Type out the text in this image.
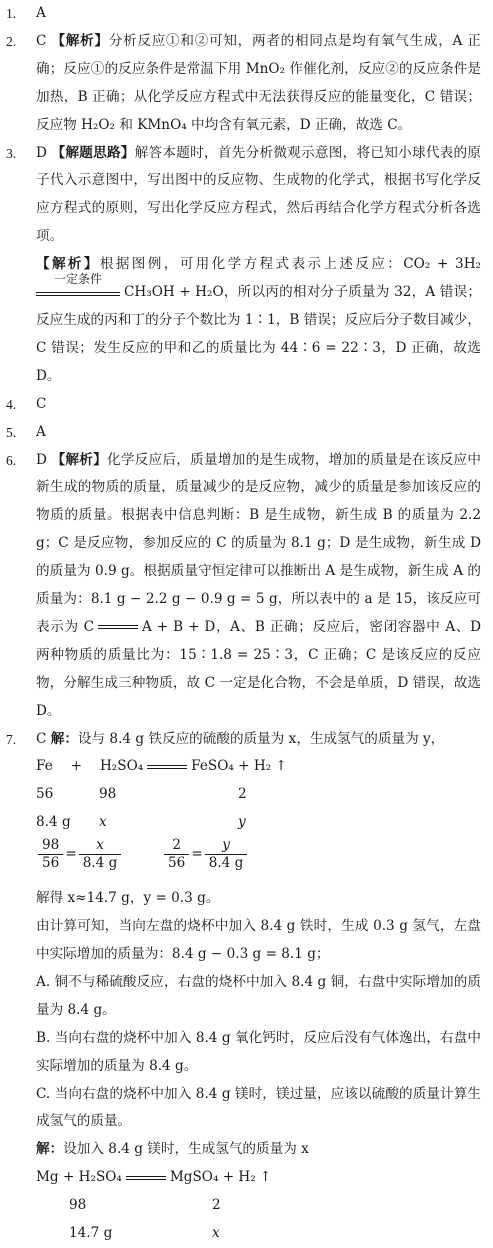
1.	A
2.	C 【解析】分析反应①和②可知，两者的相同点是均有氧气生成，A 正确；反应①的反应条件是常温下用 MnO₂ 作催化剂，反应②的反应条件是加热，B 正确；从化学反应方程式中无法获得反应的能量变化，C 错误；反应物 H₂O₂ 和 KMnO₄ 中均含有氧元素，D 正确，故选 C。
3.	D 【解题思路】解答本题时，首先分析微观示意图，将已知小球代表的原子代入示意图中，写出图中的反应物、生成物的化学式，根据书写化学反应方程式的原则，写出化学反应方程式，然后再结合化学方程式分析各选项。
【解析】根据图例，可用化学方程式表示上述反应：CO₂ + 3H₂
一定条件
CH₃OH + H₂O，所以丙的相对分子质量为 32，A 错误；反应生成的丙和丁的分子个数比为 1∶1，B 错误；反应后分子数目减少，C 错误；发生反应的甲和乙的质量比为 44∶6 = 22∶3，D 正确，故选 D。
4.	C
5.	A
6.	D 【解析】化学反应后，质量增加的是生成物，增加的质量是在该反应中新生成的物质的质量，质量减少的是反应物，减少的质量是参加该反应的物质的质量。根据表中信息判断：B 是生成物，新生成 B 的质量为 2.2 g；C 是反应物，参加反应的 C 的质量为 8.1 g；D 是生成物，新生成 D 的质量为 0.9 g。根据质量守恒定律可以推断出 A 是生成物，新生成 A 的质量为：8.1 g − 2.2 g − 0.9 g = 5 g，所以表中的 a 是 15，该反应可表示为 C	A + B + D，A、B 正确；反应后，密闭容器中 A、D 两种物质的质量比为：15∶1.8 = 25∶3，C 正确；C 是该反应的反应物，分解生成三种物质，故 C 一定是化合物，不会是单质，D 错误，故选 D。
7.	C 解：设与 8.4 g 铁反应的硫酸的质量为 x，生成氢气的质量为 y，
Fe　 +　 H₂SO₄	FeSO₄ + H₂ ↑
56	98	2
8.4 g x	y
$\frac{98}{56} = \frac{x}{8.4 g}$
	$\frac{2}{56} = \frac{y}{8.4 g}$
解得 x≈14.7 g，y = 0.3 g。
由计算可知，当向左盘的烧杯中加入 8.4 g 铁时，生成 0.3 g 氢气，左盘中实际增加的质量为：8.4 g − 0.3 g = 8.1 g；
A. 铜不与稀硫酸反应，右盘的烧杯中加入 8.4 g 铜，右盘中实际增加的质量为 8.4 g。
B. 当向右盘的烧杯中加入 8.4 g 氧化钙时，反应后没有气体逸出，右盘中实际增加的质量为 8.4 g。
C. 当向右盘的烧杯中加入 8.4 g 镁时，镁过量，应该以硫酸的质量计算生成氢气的质量。
解：设加入 8.4 g 镁时，生成氢气的质量为 x
Mg + H₂SO₄	MgSO₄ + H₂ ↑
98	2
14.7 g	x
